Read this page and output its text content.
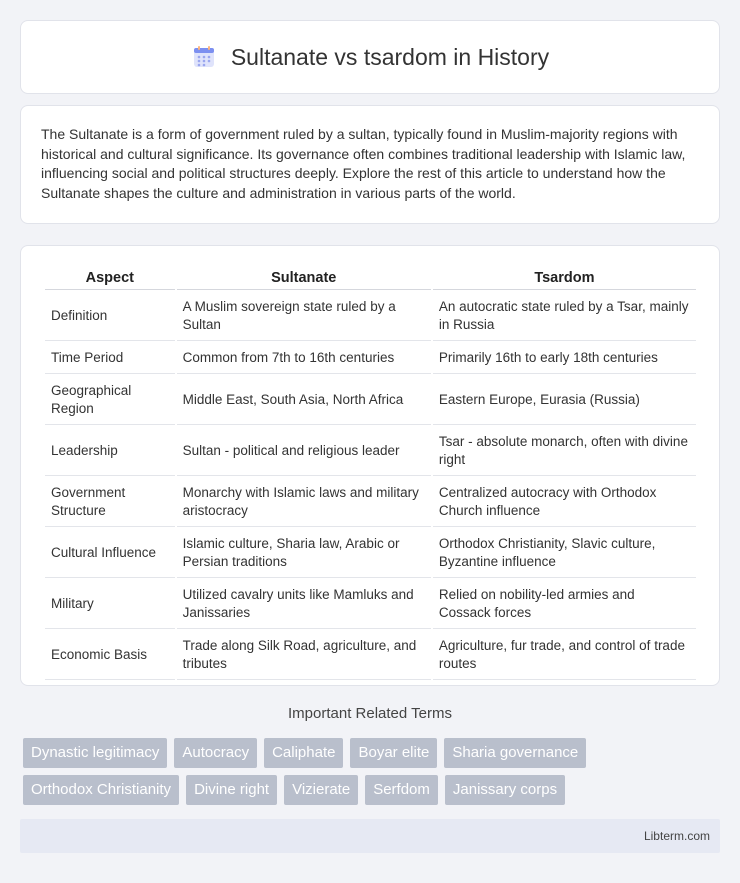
Sultanate vs tsardom in History

The Sultanate is a form of government ruled by a sultan, typically found in Muslim-majority regions with historical and cultural significance. Its governance often combines traditional leadership with Islamic law, influencing social and political structures deeply. Explore the rest of this article to understand how the Sultanate shapes the culture and administration in various parts of the world.

Aspect	Sultanate	Tsardom
Definition	A Muslim sovereign state ruled by a Sultan	An autocratic state ruled by a Tsar, mainly in Russia
Time Period	Common from 7th to 16th centuries	Primarily 16th to early 18th centuries
Geographical Region	Middle East, South Asia, North Africa	Eastern Europe, Eurasia (Russia)
Leadership	Sultan - political and religious leader	Tsar - absolute monarch, often with divine right
Government Structure	Monarchy with Islamic laws and military aristocracy	Centralized autocracy with Orthodox Church influence
Cultural Influence	Islamic culture, Sharia law, Arabic or Persian traditions	Orthodox Christianity, Slavic culture, Byzantine influence
Military	Utilized cavalry units like Mamluks and Janissaries	Relied on nobility-led armies and Cossack forces
Economic Basis	Trade along Silk Road, agriculture, and tributes	Agriculture, fur trade, and control of trade routes
Important Related Terms
Dynastic legitimacy	Autocracy	Caliphate	Boyar elite	Sharia governance
Orthodox Christianity	Divine right	Vizierate	Serfdom	Janissary corps
Libterm.com
